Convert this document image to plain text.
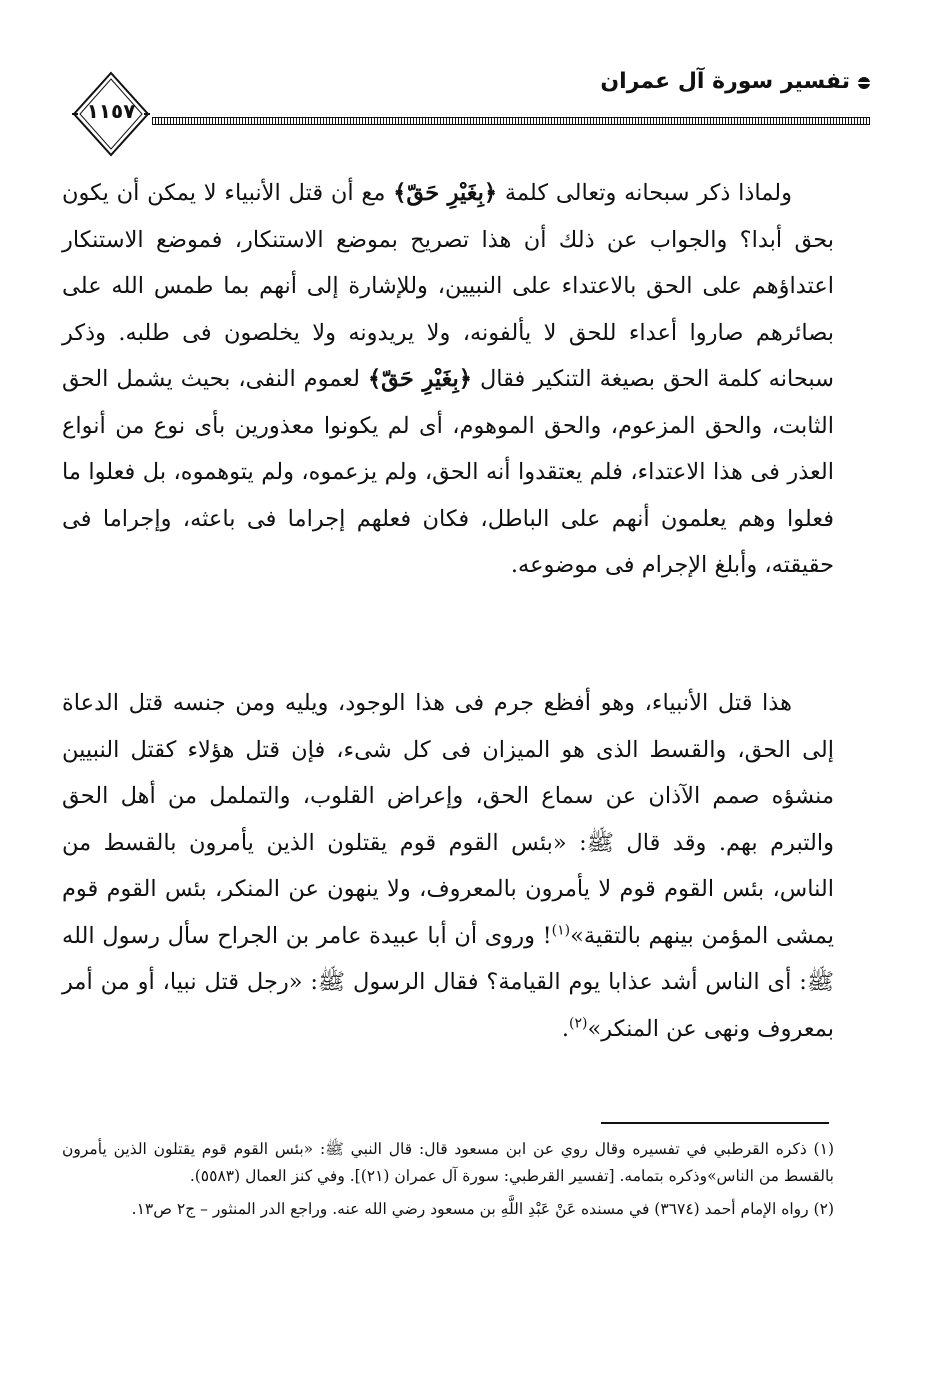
تفسير سورة آل عمران
١١٥٧

ولماذا ذكر سبحانه وتعالى كلمة ﴿بِغَيْرِ حَقّ﴾ مع أن قتل الأنبياء لا يمكن أن يكون بحق أبدا؟ والجواب عن ذلك أن هذا تصريح بموضع الاستنكار، فموضع الاستنكار اعتداؤهم على الحق بالاعتداء على النبيين، وللإشارة إلى أنهم بما طمس الله على بصائرهم صاروا أعداء للحق لا يألفونه، ولا يريدونه ولا يخلصون فى طلبه. وذكر سبحانه كلمة الحق بصيغة التنكير فقال ﴿بِغَيْرِ حَقّ﴾ لعموم النفى، بحيث يشمل الحق الثابت، والحق المزعوم، والحق الموهوم، أى لم يكونوا معذورين بأى نوع من أنواع العذر فى هذا الاعتداء، فلم يعتقدوا أنه الحق، ولم يزعموه، ولم يتوهموه، بل فعلوا ما فعلوا وهم يعلمون أنهم على الباطل، فكان فعلهم إجراما فى باعثه، وإجراما فى حقيقته، وأبلغ الإجرام فى موضوعه.

هذا قتل الأنبياء، وهو أفظع جرم فى هذا الوجود، ويليه ومن جنسه قتل الدعاة إلى الحق، والقسط الذى هو الميزان فى كل شىء، فإن قتل هؤلاء كقتل النبيين منشؤه صمم الآذان عن سماع الحق، وإعراض القلوب، والتململ من أهل الحق والتبرم بهم. وقد قال ﷺ: «بئس القوم قوم يقتلون الذين يأمرون بالقسط من الناس، بئس القوم قوم لا يأمرون بالمعروف، ولا ينهون عن المنكر، بئس القوم قوم يمشى المؤمن بينهم بالتقية»$^{(١)}$! وروى أن أبا عبيدة عامر بن الجراح سأل رسول الله ﷺ: أى الناس أشد عذابا يوم القيامة؟ فقال الرسول ﷺ: «رجل قتل نبيا، أو من أمر بمعروف ونهى عن المنكر»$^{(٢)}$.

(١) ذكره القرطبي في تفسيره وقال روي عن ابن مسعود قال: قال النبي ﷺ: «بئس القوم قوم يقتلون الذين يأمرون بالقسط من الناس»وذكره بتمامه. [تفسير القرطبي: سورة آل عمران (٢١)]. وفي كنز العمال (٥٥٨٣).

(٢) رواه الإمام أحمد (٣٦٧٤) في مسنده عَنْ عَبْدِ اللَّهِ بن مسعود رضي الله عنه. وراجع الدر المنثور – ج٢ ص١٣.
